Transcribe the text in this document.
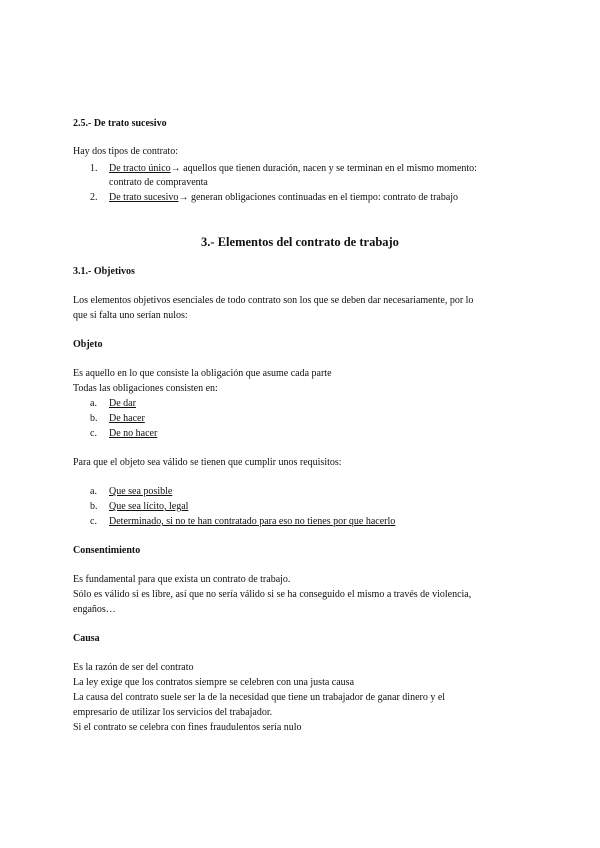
2.5.- De trato sucesivo
Hay dos tipos de contrato:
1. De tracto único→ aquellos que tienen duración, nacen y se terminan en el mismo momento:
contrato de compraventa
2. De trato sucesivo→ generan obligaciones continuadas en el tiempo: contrato de trabajo
3.- Elementos del contrato de trabajo
3.1.- Objetivos
Los elementos objetivos esenciales de todo contrato son los que se deben dar necesariamente, por lo
que si falta uno serían nulos:
Objeto
Es aquello en lo que consiste la obligación que asume cada parte
Todas las obligaciones consisten en:
a. De dar
b. De hacer
c. De no hacer
Para que el objeto sea válido se tienen que cumplir unos requisitos:
a. Que sea posible
b. Que sea lícito, legal
c. Determinado, si no te han contratado para eso no tienes por que hacerlo
Consentimiento
Es fundamental para que exista un contrato de trabajo.
Sólo es válido si es libre, así que no sería válido si se ha conseguido el mismo a través de violencia,
engaños…
Causa
Es la razón de ser del contrato
La ley exige que los contratos siempre se celebren con una justa causa
La causa del contrato suele ser la de la necesidad que tiene un trabajador de ganar dinero y el
empresario de utilizar los servicios del trabajador.
Si el contrato se celebra con fines fraudulentos sería nulo
